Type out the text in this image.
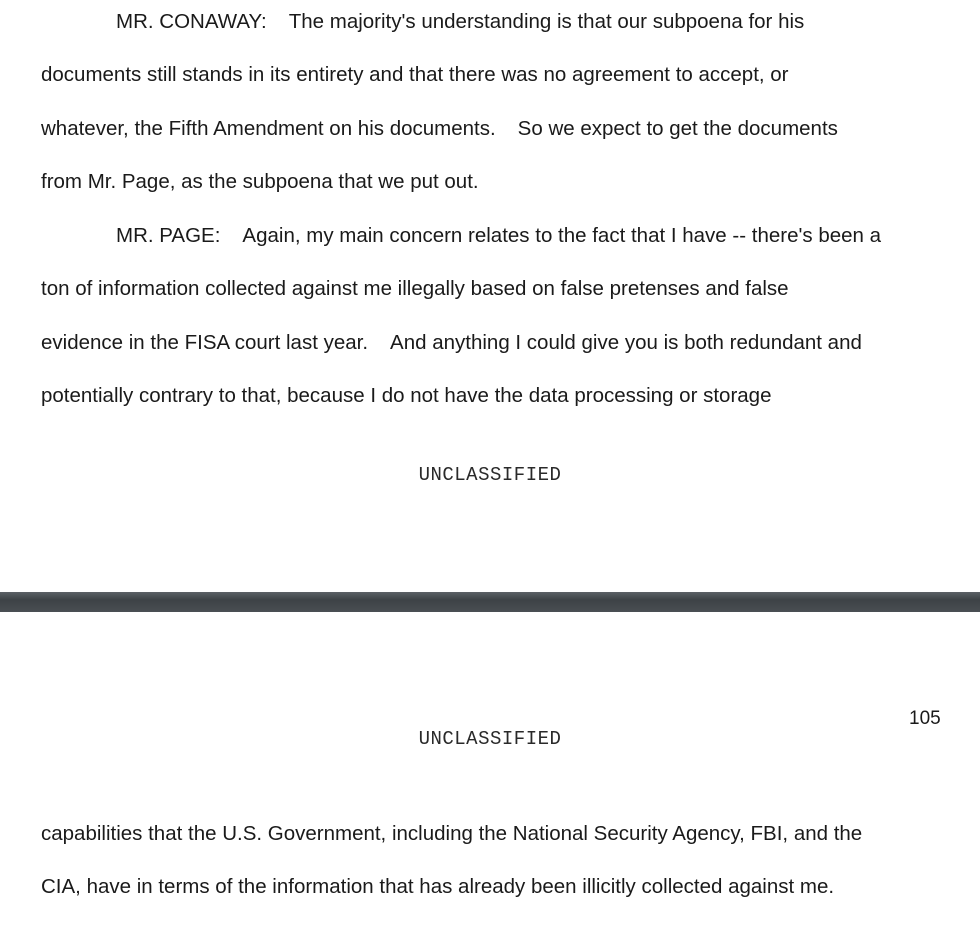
MR. CONAWAY: The majority's understanding is that our subpoena for his
documents still stands in its entirety and that there was no agreement to accept, or
whatever, the Fifth Amendment on his documents. So we expect to get the documents
from Mr. Page, as the subpoena that we put out.
MR. PAGE: Again, my main concern relates to the fact that I have -- there's been a
ton of information collected against me illegally based on false pretenses and false
evidence in the FISA court last year. And anything I could give you is both redundant and
potentially contrary to that, because I do not have the data processing or storage
UNCLASSIFIED
105
UNCLASSIFIED
capabilities that the U.S. Government, including the National Security Agency, FBI, and the
CIA, have in terms of the information that has already been illicitly collected against me.
